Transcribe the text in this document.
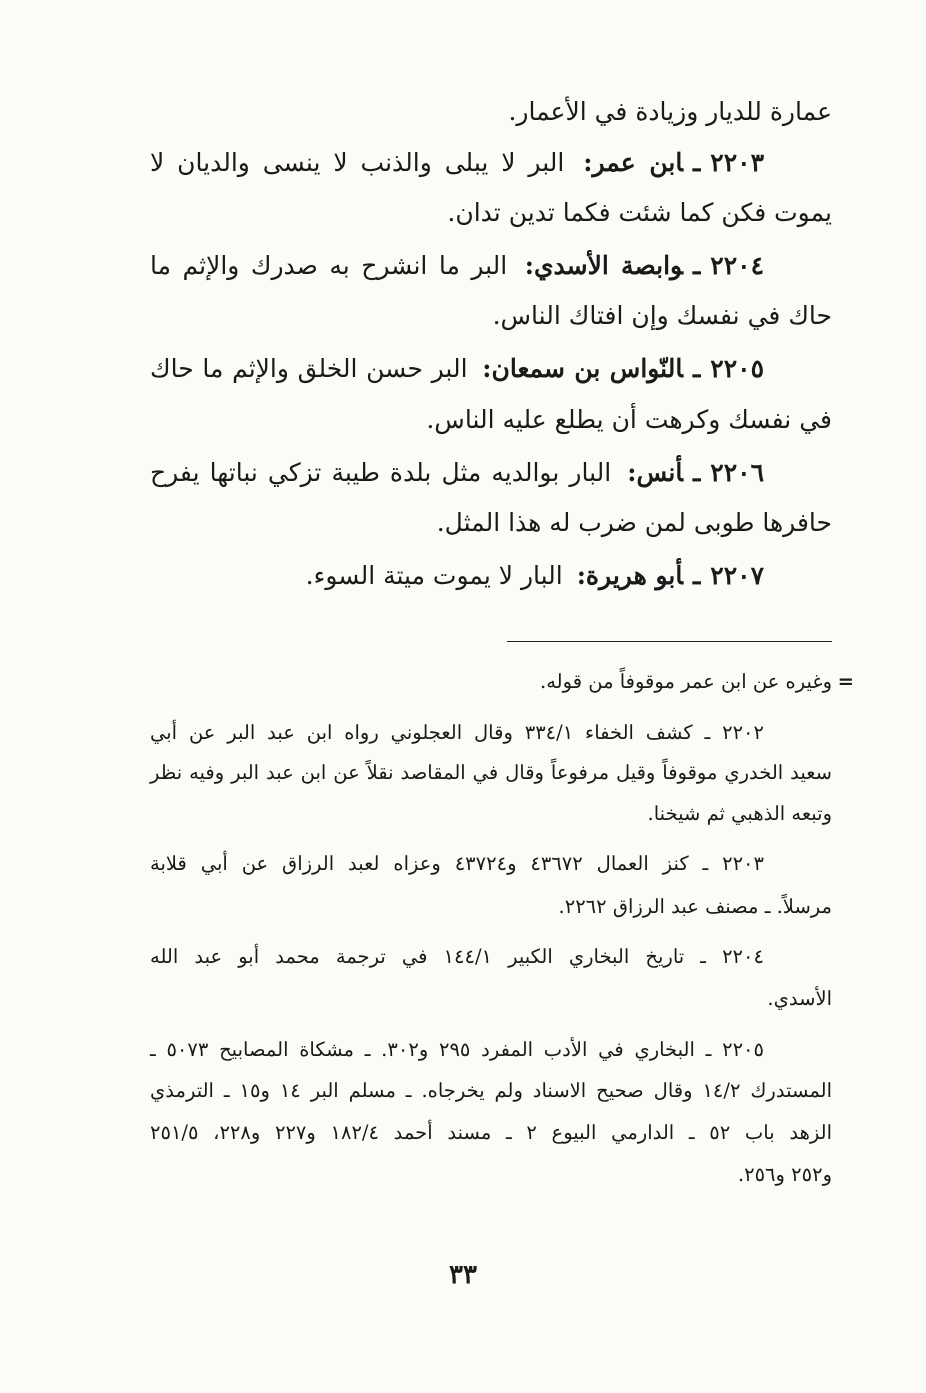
عمارة للديار وزيادة في الأعمار.
٢٢٠٣ـابن عمر: البر لا يبلى والذنب لا ينسى والديان لا
يموت فكن كما شئت فكما تدين تدان.
٢٢٠٤ـوابصة الأسدي: البر ما انشرح به صدرك والإثم ما
حاك في نفسك وإن افتاك الناس.
٢٢٠٥ـالنّواس بن سمعان: البر حسن الخلق والإثم ما حاك
في نفسك وكرهت أن يطلع عليه الناس.
٢٢٠٦ـأنس: البار بوالديه مثل بلدة طيبة تزكي نباتها يفرح
حافرها طوبى لمن ضرب له هذا المثل.
٢٢٠٧ـأبو هريرة: البار لا يموت ميتة السوء.
=
وغيره عن ابن عمر موقوفاً من قوله.
٢٢٠٢ ـ كشف الخفاء ٣٣٤/١ وقال العجلوني رواه ابن عبد البر عن أبي
سعيد الخدري موقوفاً وقيل مرفوعاً وقال في المقاصد نقلاً عن ابن عبد البر وفيه نظر
وتبعه الذهبي ثم شيخنا.
٢٢٠٣ ـ كنز العمال ٤٣٦٧٢ و٤٣٧٢٤ وعزاه لعبد الرزاق عن أبي قلابة
مرسلاً. ـ مصنف عبد الرزاق ٢٢٦٢.
٢٢٠٤ ـ تاريخ البخاري الكبير ١٤٤/١ في ترجمة محمد أبو عبد الله
الأسدي.
٢٢٠٥ ـ البخاري في الأدب المفرد ٢٩٥ و٣٠٢. ـ مشكاة المصابيح ٥٠٧٣ ـ
المستدرك ١٤/٢ وقال صحيح الاسناد ولم يخرجاه. ـ مسلم البر ١٤ و١٥ ـ الترمذي
الزهد باب ٥٢ ـ الدارمي البيوع ٢ ـ مسند أحمد ١٨٢/٤ و٢٢٧ و٢٢٨، ٢٥١/٥
و٢٥٢ و٢٥٦.
٣٣
